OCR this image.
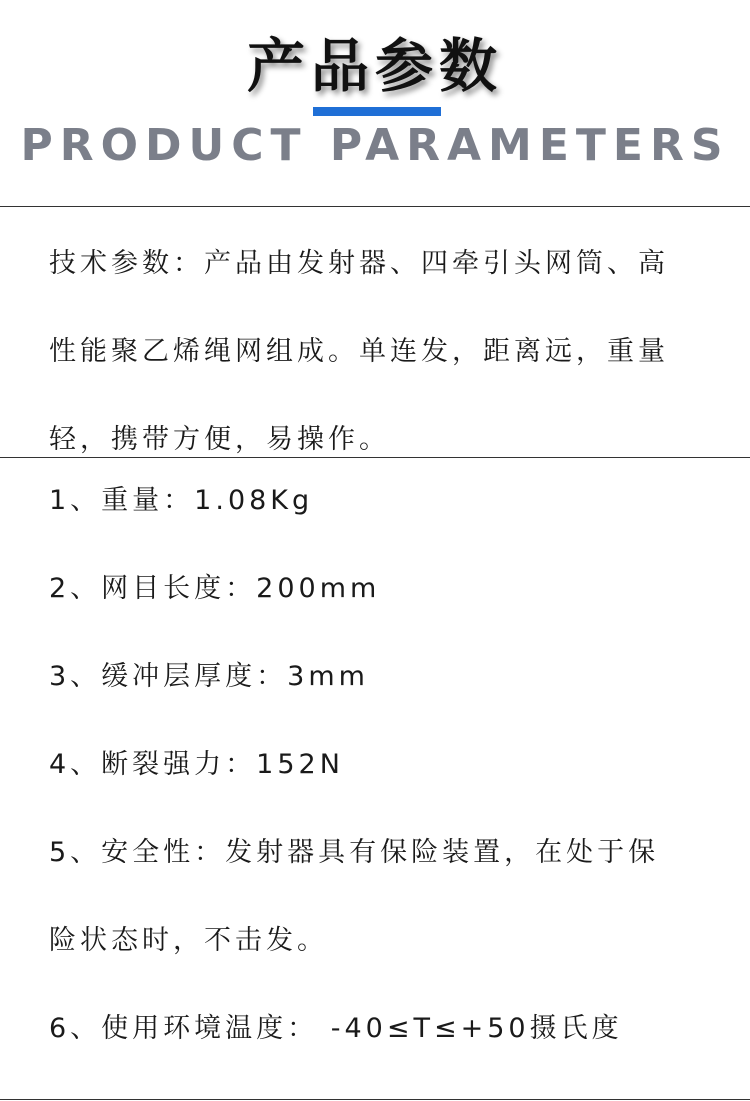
产品参数
PRODUCT PARAMETERS
技术参数：产品由发射器、四牵引头网筒、高
性能聚乙烯绳网组成。单连发，距离远，重量
轻，携带方便，易操作。
1、重量：1.08Kg
2、网目长度：200mm
3、缓冲层厚度：3mm
4、断裂强力：152N
5、安全性：发射器具有保险装置，在处于保
险状态时，不击发。
6、使用环境温度： -40≤T≤+50摄氏度
